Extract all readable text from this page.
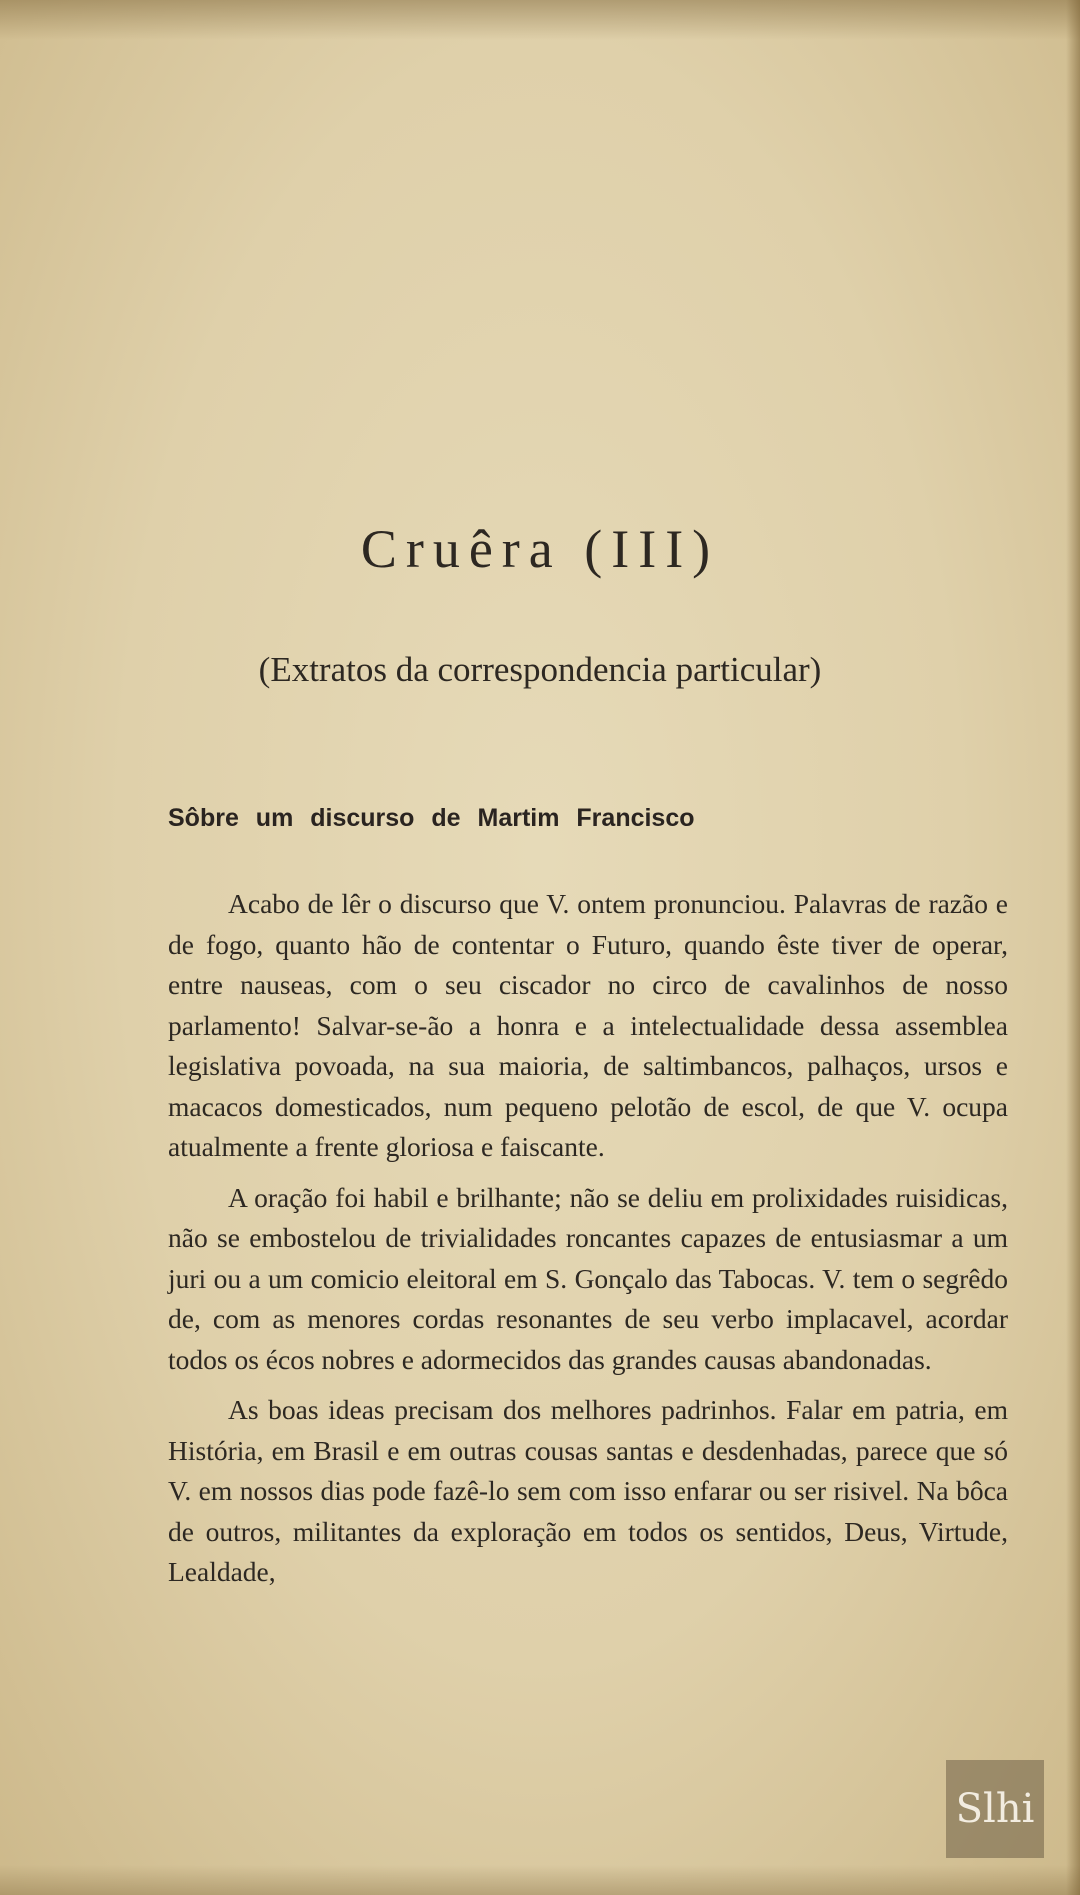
Cruêra (III)
(Extratos da correspondencia particular)
Sôbre um discurso de Martim Francisco

Acabo de lêr o discurso que V. ontem pronunciou. Palavras de razão e de fogo, quanto hão de contentar o Futuro, quando êste tiver de operar, entre nauseas, com o seu ciscador no circo de cavalinhos de nosso parlamento! Salvar-se-ão a honra e a intelectualidade dessa assemblea legislativa povoada, na sua maioria, de saltimbancos, palhaços, ursos e macacos domesticados, num pequeno pelotão de escol, de que V. ocupa atualmente a frente gloriosa e faiscante.

A oração foi habil e brilhante; não se deliu em prolixidades ruisidicas, não se embostelou de trivialidades roncantes capazes de entusiasmar a um juri ou a um comicio eleitoral em S. Gonçalo das Tabocas. V. tem o segrêdo de, com as menores cordas resonantes de seu verbo implacavel, acordar todos os écos nobres e adormecidos das grandes causas abandonadas.

As boas ideas precisam dos melhores padrinhos. Falar em patria, em História, em Brasil e em outras cousas santas e desdenhadas, parece que só V. em nossos dias pode fazê-lo sem com isso enfarar ou ser risivel. Na bôca de outros, militantes da exploração em todos os sentidos, Deus, Virtude, Lealdade,

Slhi
